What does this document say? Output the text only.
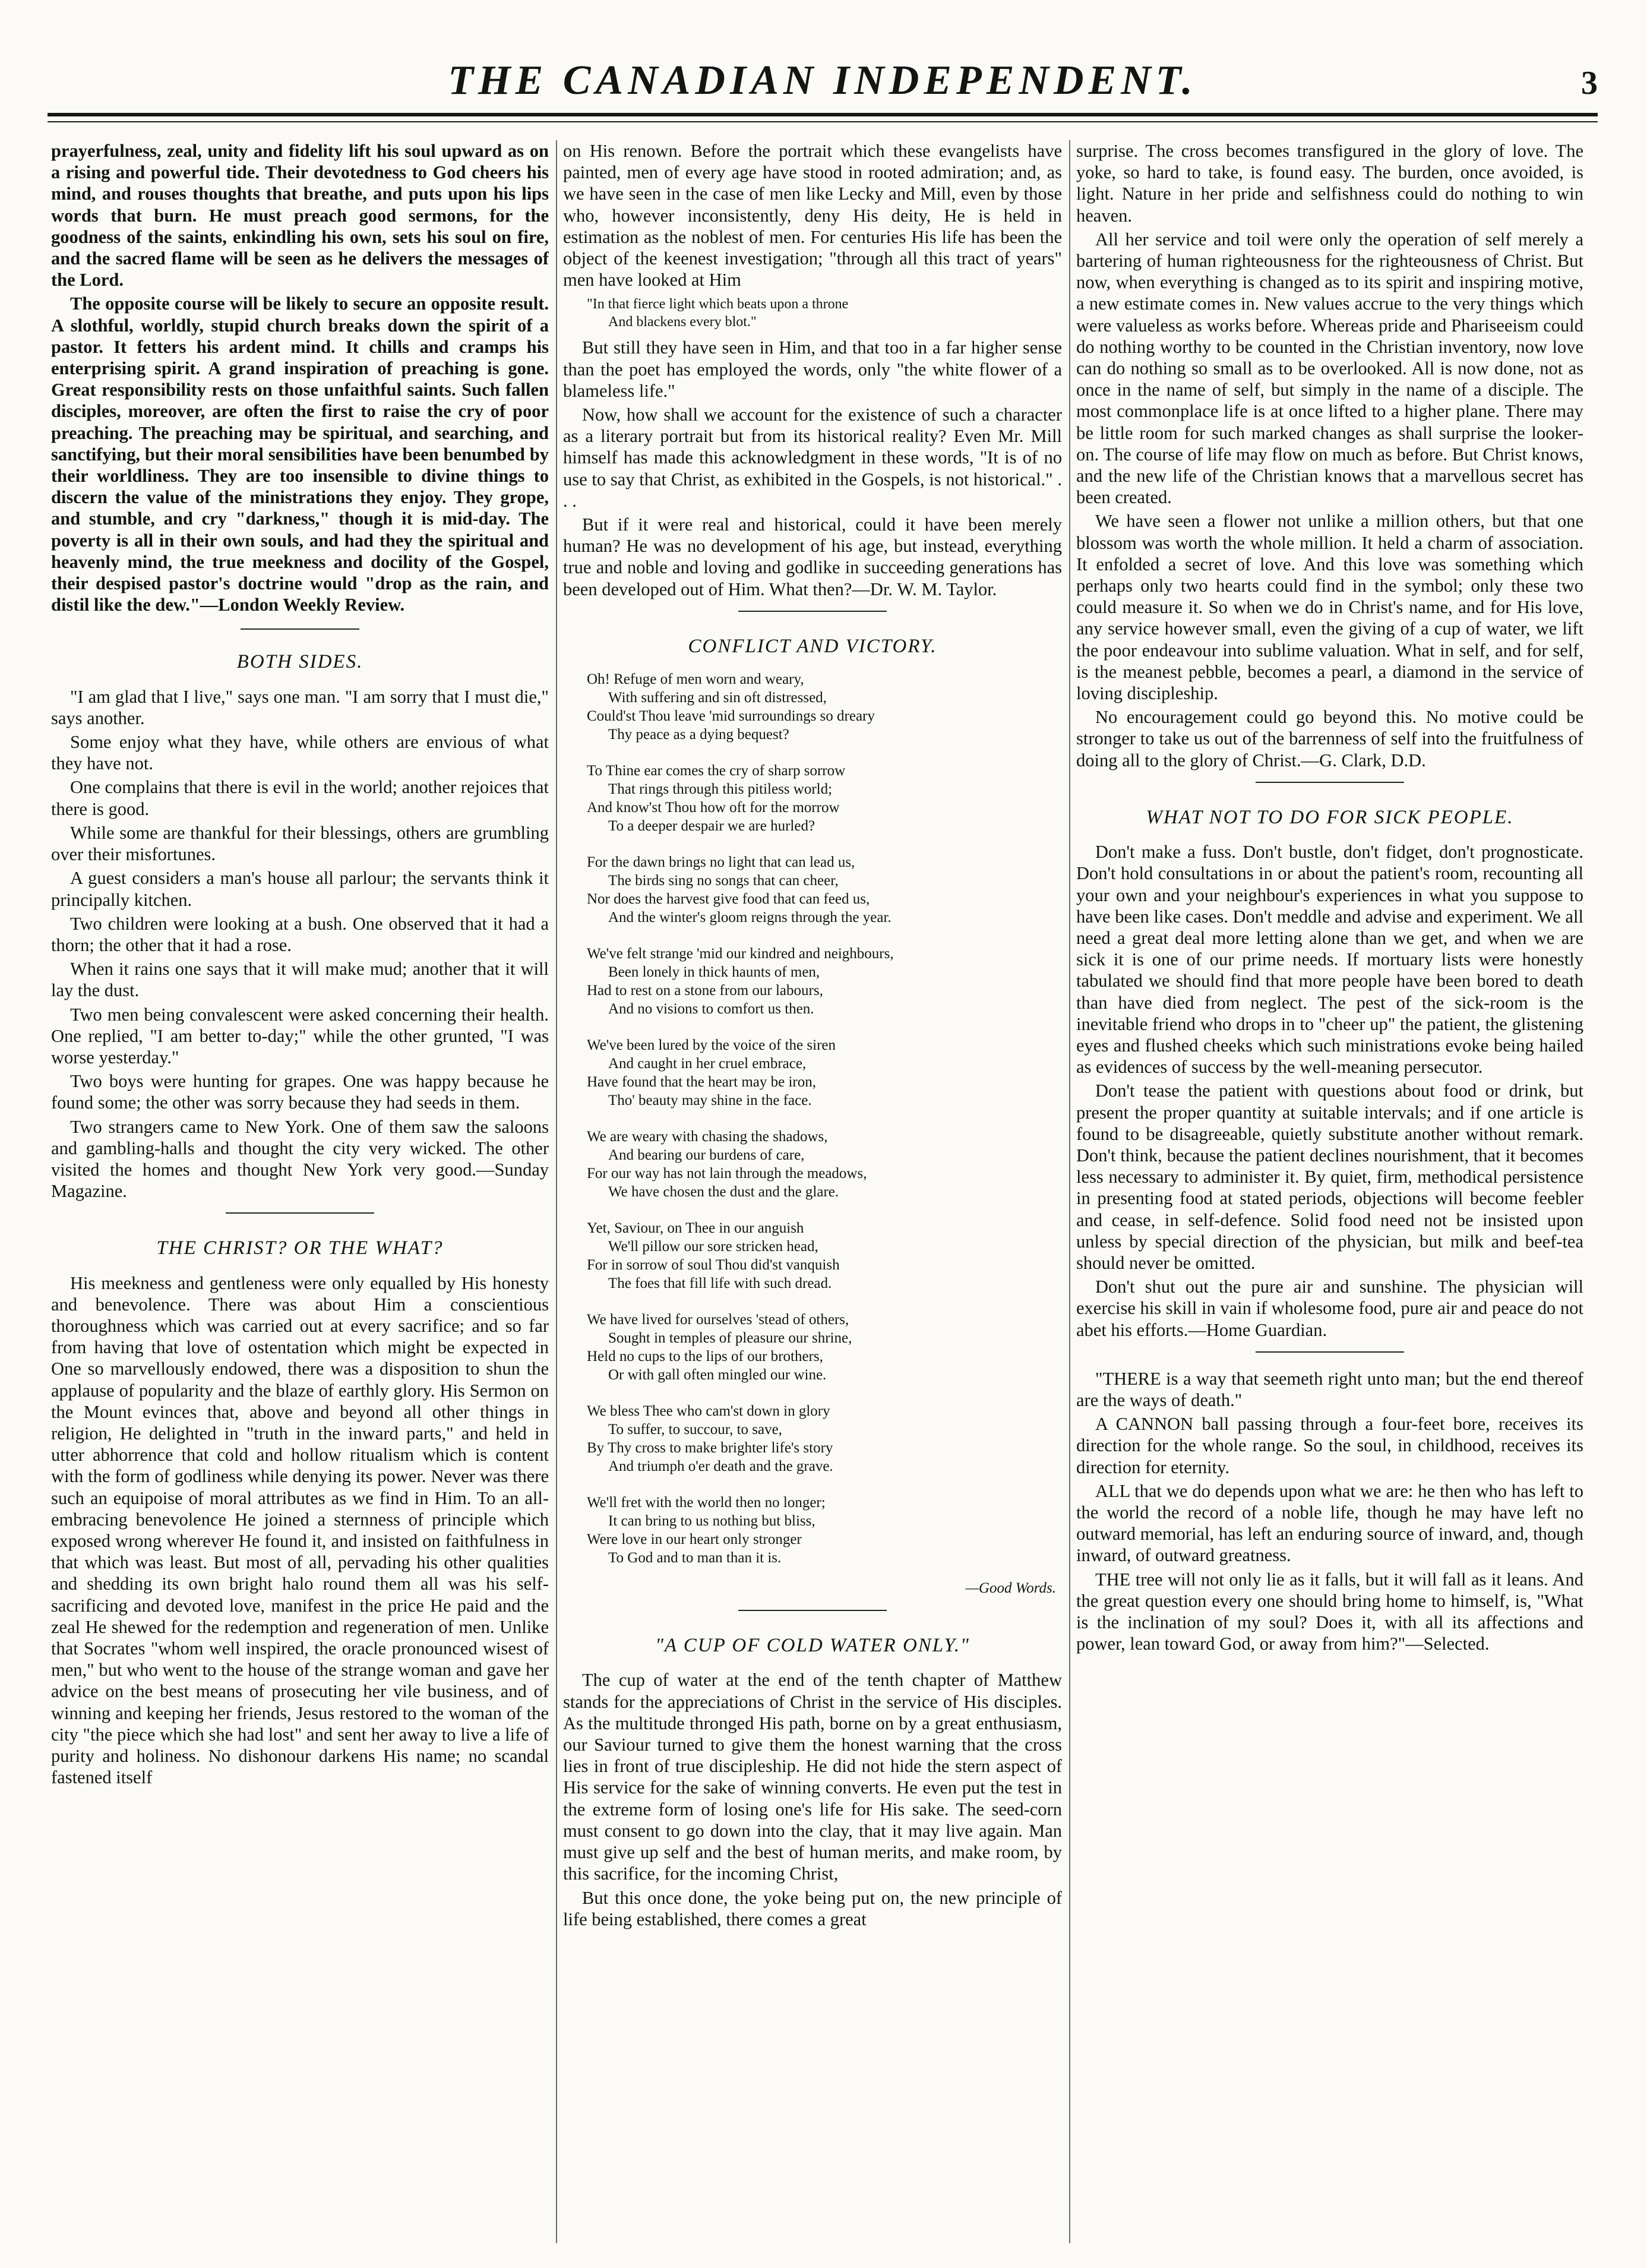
THE CANADIAN INDEPENDENT.	3

prayerfulness, zeal, unity and fidelity lift his soul upward as on a rising and powerful tide. Their devotedness to God cheers his mind, and rouses thoughts that breathe, and puts upon his lips words that burn. He must preach good sermons, for the goodness of the saints, enkindling his own, sets his soul on fire, and the sacred flame will be seen as he delivers the messages of the Lord.

The opposite course will be likely to secure an opposite result. A slothful, worldly, stupid church breaks down the spirit of a pastor. It fetters his ardent mind. It chills and cramps his enterprising spirit. A grand inspiration of preaching is gone. Great responsibility rests on those unfaithful saints. Such fallen disciples, moreover, are often the first to raise the cry of poor preaching. The preaching may be spiritual, and searching, and sanctifying, but their moral sensibilities have been benumbed by their worldliness. They are too insensible to divine things to discern the value of the ministrations they enjoy. They grope, and stumble, and cry "darkness," though it is mid-day. The poverty is all in their own souls, and had they the spiritual and heavenly mind, the true meekness and docility of the Gospel, their despised pastor's doctrine would "drop as the rain, and distil like the dew."—London Weekly Review.

BOTH SIDES.

"I am glad that I live," says one man. "I am sorry that I must die," says another.

Some enjoy what they have, while others are envious of what they have not.

One complains that there is evil in the world; another rejoices that there is good.

While some are thankful for their blessings, others are grumbling over their misfortunes.

A guest considers a man's house all parlour; the servants think it principally kitchen.

Two children were looking at a bush. One observed that it had a thorn; the other that it had a rose.

When it rains one says that it will make mud; another that it will lay the dust.

Two men being convalescent were asked concerning their health. One replied, "I am better to-day;" while the other grunted, "I was worse yesterday."

Two boys were hunting for grapes. One was happy because he found some; the other was sorry because they had seeds in them.

Two strangers came to New York. One of them saw the saloons and gambling-halls and thought the city very wicked. The other visited the homes and thought New York very good.—Sunday Magazine.

THE CHRIST? OR THE WHAT?

His meekness and gentleness were only equalled by His honesty and benevolence. There was about Him a conscientious thoroughness which was carried out at every sacrifice; and so far from having that love of ostentation which might be expected in One so marvellously endowed, there was a disposition to shun the applause of popularity and the blaze of earthly glory. His Sermon on the Mount evinces that, above and beyond all other things in religion, He delighted in "truth in the inward parts," and held in utter abhorrence that cold and hollow ritualism which is content with the form of godliness while denying its power. Never was there such an equipoise of moral attributes as we find in Him. To an all-embracing benevolence He joined a sternness of principle which exposed wrong wherever He found it, and insisted on faithfulness in that which was least. But most of all, pervading his other qualities and shedding its own bright halo round them all was his self-sacrificing and devoted love, manifest in the price He paid and the zeal He shewed for the redemption and regeneration of men. Unlike that Socrates "whom well inspired, the oracle pronounced wisest of men," but who went to the house of the strange woman and gave her advice on the best means of prosecuting her vile business, and of winning and keeping her friends, Jesus restored to the woman of the city "the piece which she had lost" and sent her away to live a life of purity and holiness. No dishonour darkens His name; no scandal fastened itself

on His renown. Before the portrait which these evangelists have painted, men of every age have stood in rooted admiration; and, as we have seen in the case of men like Lecky and Mill, even by those who, however inconsistently, deny His deity, He is held in estimation as the noblest of men. For centuries His life has been the object of the keenest investigation; "through all this tract of years" men have looked at Him

"In that fierce light which beats upon a throne
And blackens every blot."

But still they have seen in Him, and that too in a far higher sense than the poet has employed the words, only "the white flower of a blameless life."

Now, how shall we account for the existence of such a character as a literary portrait but from its historical reality? Even Mr. Mill himself has made this acknowledgment in these words, "It is of no use to say that Christ, as exhibited in the Gospels, is not historical." . . .

But if it were real and historical, could it have been merely human? He was no development of his age, but instead, everything true and noble and loving and godlike in succeeding generations has been developed out of Him. What then?—Dr. W. M. Taylor.

CONFLICT AND VICTORY.
Oh! Refuge of men worn and weary,
With suffering and sin oft distressed,
Could'st Thou leave 'mid surroundings so dreary
Thy peace as a dying bequest?
To Thine ear comes the cry of sharp sorrow
That rings through this pitiless world;
And know'st Thou how oft for the morrow
To a deeper despair we are hurled?
For the dawn brings no light that can lead us,
The birds sing no songs that can cheer,
Nor does the harvest give food that can feed us,
And the winter's gloom reigns through the year.
We've felt strange 'mid our kindred and neighbours,
Been lonely in thick haunts of men,
Had to rest on a stone from our labours,
And no visions to comfort us then.
We've been lured by the voice of the siren
And caught in her cruel embrace,
Have found that the heart may be iron,
Tho' beauty may shine in the face.
We are weary with chasing the shadows,
And bearing our burdens of care,
For our way has not lain through the meadows,
We have chosen the dust and the glare.
Yet, Saviour, on Thee in our anguish
We'll pillow our sore stricken head,
For in sorrow of soul Thou did'st vanquish
The foes that fill life with such dread.
We have lived for ourselves 'stead of others,
Sought in temples of pleasure our shrine,
Held no cups to the lips of our brothers,
Or with gall often mingled our wine.
We bless Thee who cam'st down in glory
To suffer, to succour, to save,
By Thy cross to make brighter life's story
And triumph o'er death and the grave.
We'll fret with the world then no longer;
It can bring to us nothing but bliss,
Were love in our heart only stronger
To God and to man than it is.
—Good Words.
"A CUP OF COLD WATER ONLY."

The cup of water at the end of the tenth chapter of Matthew stands for the appreciations of Christ in the service of His disciples. As the multitude thronged His path, borne on by a great enthusiasm, our Saviour turned to give them the honest warning that the cross lies in front of true discipleship. He did not hide the stern aspect of His service for the sake of winning converts. He even put the test in the extreme form of losing one's life for His sake. The seed-corn must consent to go down into the clay, that it may live again. Man must give up self and the best of human merits, and make room, by this sacrifice, for the incoming Christ,

But this once done, the yoke being put on, the new principle of life being established, there comes a great

surprise. The cross becomes transfigured in the glory of love. The yoke, so hard to take, is found easy. The burden, once avoided, is light. Nature in her pride and selfishness could do nothing to win heaven.

All her service and toil were only the operation of self merely a bartering of human righteousness for the righteousness of Christ. But now, when everything is changed as to its spirit and inspiring motive, a new estimate comes in. New values accrue to the very things which were valueless as works before. Whereas pride and Phariseeism could do nothing worthy to be counted in the Christian inventory, now love can do nothing so small as to be overlooked. All is now done, not as once in the name of self, but simply in the name of a disciple. The most commonplace life is at once lifted to a higher plane. There may be little room for such marked changes as shall surprise the looker-on. The course of life may flow on much as before. But Christ knows, and the new life of the Christian knows that a marvellous secret has been created.

We have seen a flower not unlike a million others, but that one blossom was worth the whole million. It held a charm of association. It enfolded a secret of love. And this love was something which perhaps only two hearts could find in the symbol; only these two could measure it. So when we do in Christ's name, and for His love, any service however small, even the giving of a cup of water, we lift the poor endeavour into sublime valuation. What in self, and for self, is the meanest pebble, becomes a pearl, a diamond in the service of loving discipleship.

No encouragement could go beyond this. No motive could be stronger to take us out of the barrenness of self into the fruitfulness of doing all to the glory of Christ.—G. Clark, D.D.

WHAT NOT TO DO FOR SICK PEOPLE.

Don't make a fuss. Don't bustle, don't fidget, don't prognosticate. Don't hold consultations in or about the patient's room, recounting all your own and your neighbour's experiences in what you suppose to have been like cases. Don't meddle and advise and experiment. We all need a great deal more letting alone than we get, and when we are sick it is one of our prime needs. If mortuary lists were honestly tabulated we should find that more people have been bored to death than have died from neglect. The pest of the sick-room is the inevitable friend who drops in to "cheer up" the patient, the glistening eyes and flushed cheeks which such ministrations evoke being hailed as evidences of success by the well-meaning persecutor.

Don't tease the patient with questions about food or drink, but present the proper quantity at suitable intervals; and if one article is found to be disagreeable, quietly substitute another without remark. Don't think, because the patient declines nourishment, that it becomes less necessary to administer it. By quiet, firm, methodical persistence in presenting food at stated periods, objections will become feebler and cease, in self-defence. Solid food need not be insisted upon unless by special direction of the physician, but milk and beef-tea should never be omitted.

Don't shut out the pure air and sunshine. The physician will exercise his skill in vain if wholesome food, pure air and peace do not abet his efforts.—Home Guardian.

"THERE is a way that seemeth right unto man; but the end thereof are the ways of death."

A CANNON ball passing through a four-feet bore, receives its direction for the whole range. So the soul, in childhood, receives its direction for eternity.

ALL that we do depends upon what we are: he then who has left to the world the record of a noble life, though he may have left no outward memorial, has left an enduring source of inward, and, though inward, of outward greatness.

THE tree will not only lie as it falls, but it will fall as it leans. And the great question every one should bring home to himself, is, "What is the inclination of my soul? Does it, with all its affections and power, lean toward God, or away from him?"—Selected.
